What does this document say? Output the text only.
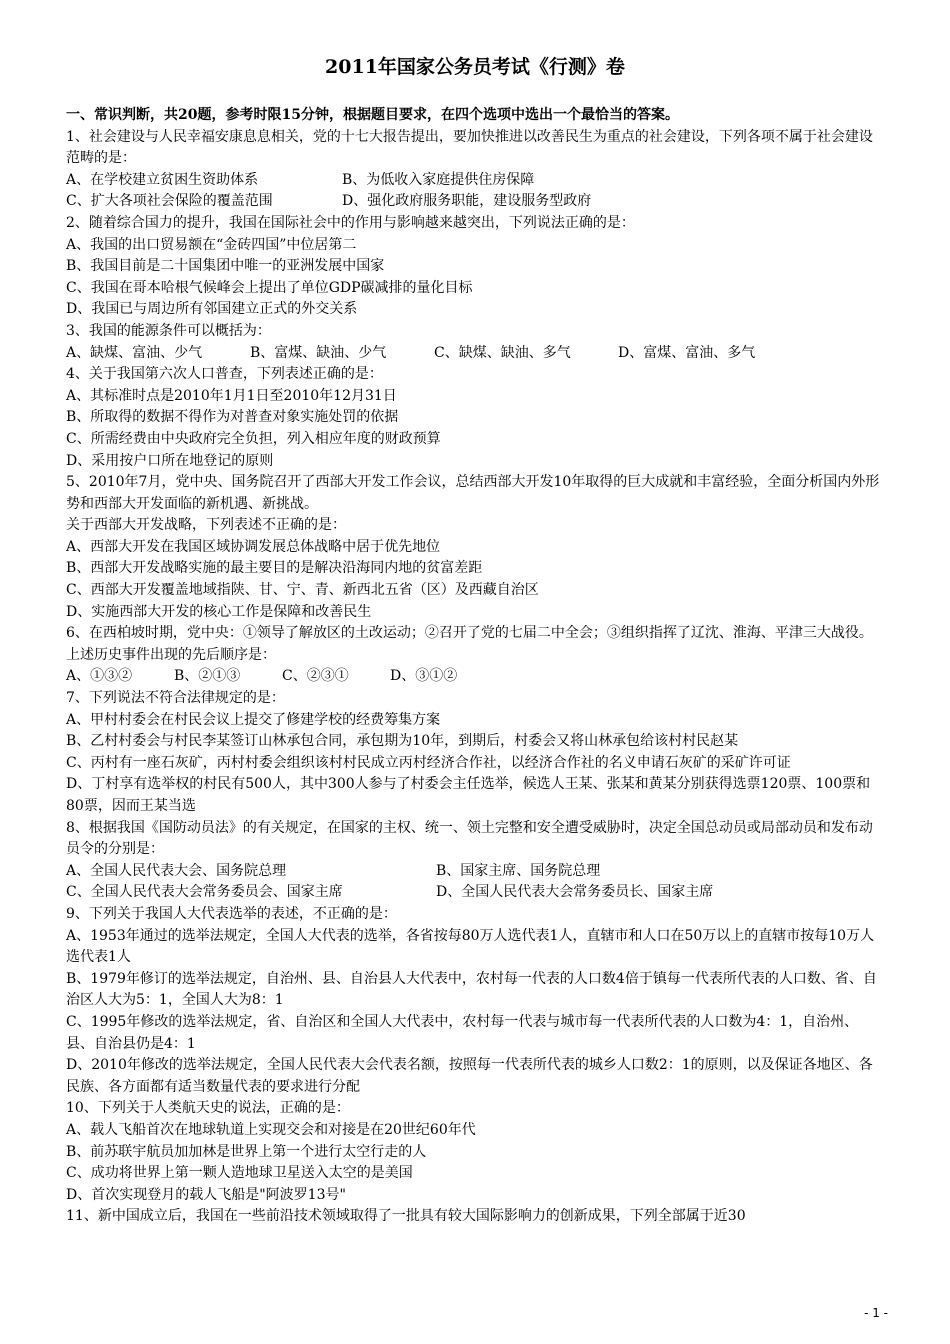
2011年国家公务员考试《行测》卷

一、常识判断，共20题，参考时限15分钟，根据题目要求，在四个选项中选出一个最恰当的答案。

1、社会建设与人民幸福安康息息相关，党的十七大报告提出，要加快推进以改善民生为重点的社会建设，下列各项不属于社会建设范畴的是：

A、在学校建立贫困生资助体系	B、为低收入家庭提供住房保障

C、扩大各项社会保险的覆盖范围	D、强化政府服务职能，建设服务型政府

2、随着综合国力的提升，我国在国际社会中的作用与影响越来越突出，下列说法正确的是：

A、我国的出口贸易额在“金砖四国”中位居第二

B、我国目前是二十国集团中唯一的亚洲发展中国家

C、我国在哥本哈根气候峰会上提出了单位GDP碳减排的量化目标

D、我国已与周边所有邻国建立正式的外交关系

3、我国的能源条件可以概括为：

A、缺煤、富油、少气	B、富煤、缺油、少气	C、缺煤、缺油、多气	D、富煤、富油、多气

4、关于我国第六次人口普查，下列表述正确的是：

A、其标准时点是2010年1月1日至2010年12月31日

B、所取得的数据不得作为对普查对象实施处罚的依据

C、所需经费由中央政府完全负担，列入相应年度的财政预算

D、采用按户口所在地登记的原则

5、2010年7月，党中央、国务院召开了西部大开发工作会议，总结西部大开发10年取得的巨大成就和丰富经验，全面分析国内外形势和西部大开发面临的新机遇、新挑战。

关于西部大开发战略，下列表述不正确的是：

A、西部大开发在我国区域协调发展总体战略中居于优先地位

B、西部大开发战略实施的最主要目的是解决沿海同内地的贫富差距

C、西部大开发覆盖地域指陕、甘、宁、青、新西北五省（区）及西藏自治区

D、实施西部大开发的核心工作是保障和改善民生

6、在西柏坡时期，党中央：①领导了解放区的土改运动；②召开了党的七届二中全会；③组织指挥了辽沈、淮海、平津三大战役。

上述历史事件出现的先后顺序是：

A、①③②	B、②①③	C、②③①	D、③①②

7、下列说法不符合法律规定的是：

A、甲村村委会在村民会议上提交了修建学校的经费筹集方案

B、乙村村委会与村民李某签订山林承包合同，承包期为10年，到期后，村委会又将山林承包给该村村民赵某

C、丙村有一座石灰矿，丙村村委会组织该村村民成立丙村经济合作社，以经济合作社的名义申请石灰矿的采矿许可证

D、丁村享有选举权的村民有500人，其中300人参与了村委会主任选举，候选人王某、张某和黄某分别获得选票120票、100票和80票，因而王某当选

8、根据我国《国防动员法》的有关规定，在国家的主权、统一、领土完整和安全遭受威胁时，决定全国总动员或局部动员和发布动员令的分别是：

A、全国人民代表大会、国务院总理	B、国家主席、国务院总理

C、全国人民代表大会常务委员会、国家主席	D、全国人民代表大会常务委员长、国家主席

9、下列关于我国人大代表选举的表述，不正确的是：

A、1953年通过的选举法规定，全国人大代表的选举，各省按每80万人选代表1人，直辖市和人口在50万以上的直辖市按每10万人选代表1人

B、1979年修订的选举法规定，自治州、县、自治县人大代表中，农村每一代表的人口数4倍于镇每一代表所代表的人口数、省、自治区人大为5：1，全国人大为8：1

C、1995年修改的选举法规定，省、自治区和全国人大代表中，农村每一代表与城市每一代表所代表的人口数为4：1，自治州、县、自治县仍是4：1

D、2010年修改的选举法规定，全国人民代表大会代表名额，按照每一代表所代表的城乡人口数2：1的原则，以及保证各地区、各民族、各方面都有适当数量代表的要求进行分配

10、下列关于人类航天史的说法，正确的是：

A、载人飞船首次在地球轨道上实现交会和对接是在20世纪60年代

B、前苏联宇航员加加林是世界上第一个进行太空行走的人

C、成功将世界上第一颗人造地球卫星送入太空的是美国

D、首次实现登月的载人飞船是"阿波罗13号"

11、新中国成立后，我国在一些前沿技术领域取得了一批具有较大国际影响力的创新成果，下列全部属于近30

- 1 -
